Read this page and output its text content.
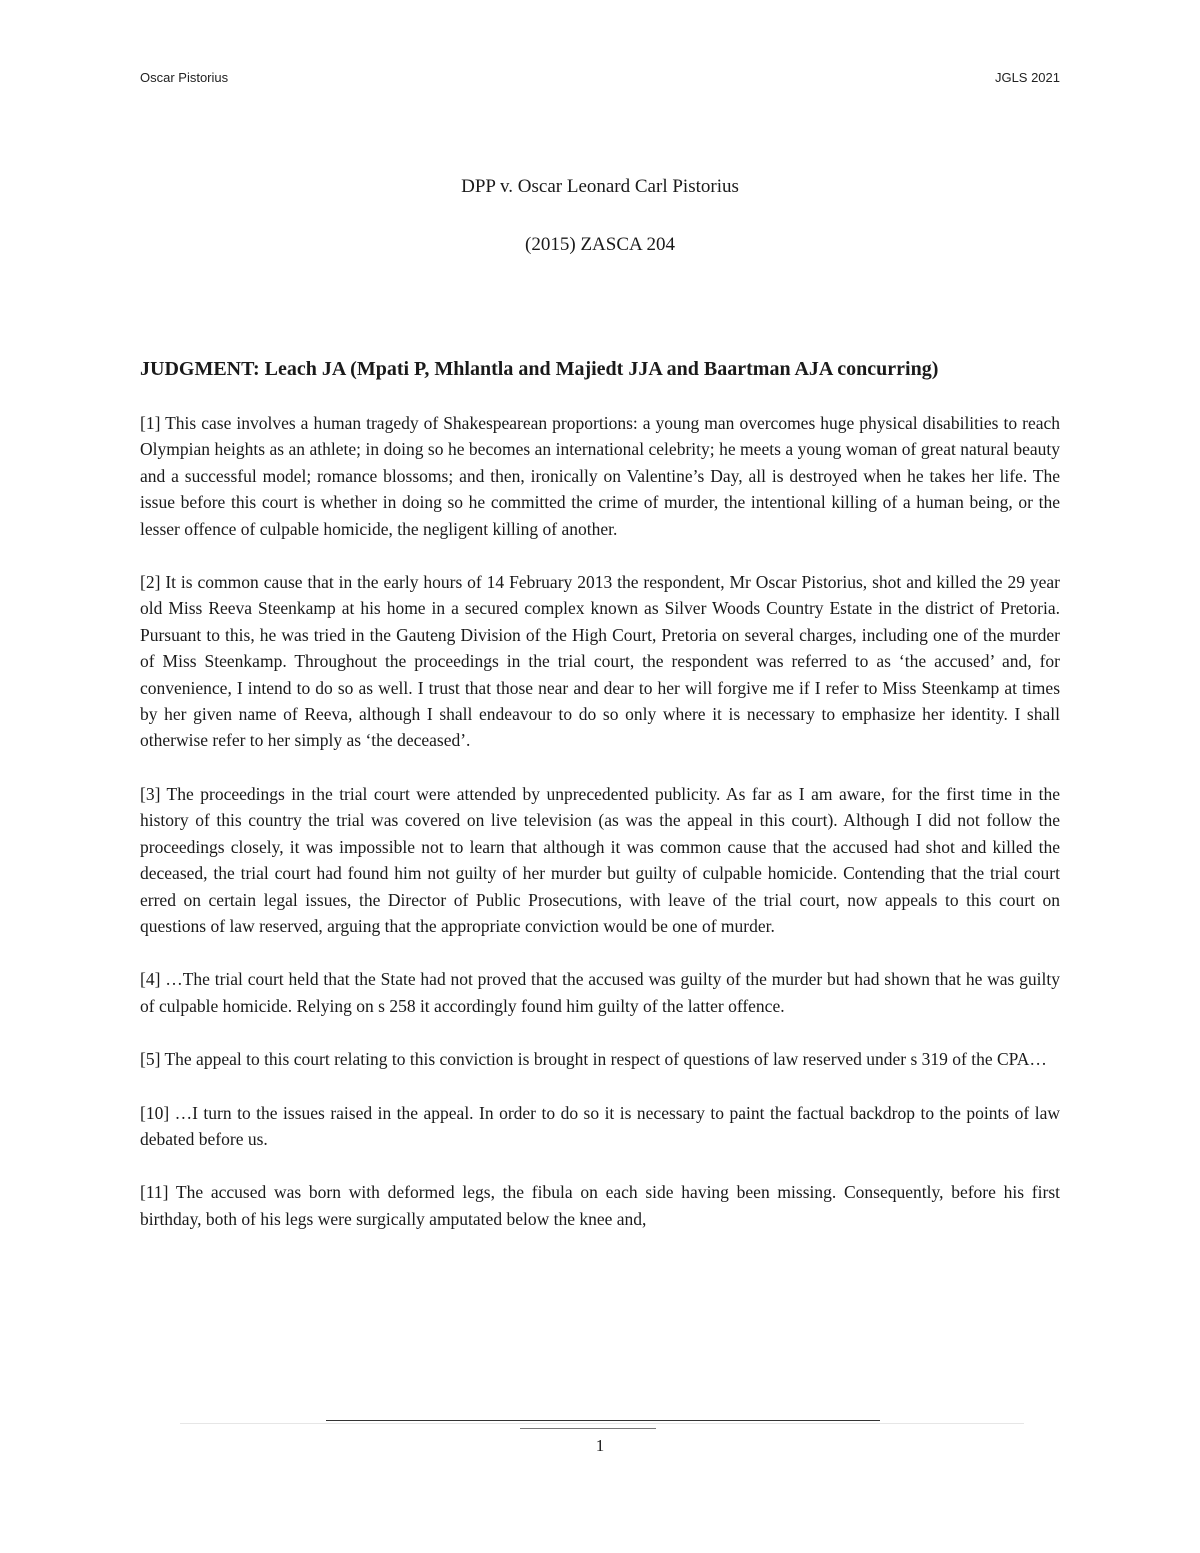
Oscar Pistorius	JGLS 2021

DPP v. Oscar Leonard Carl Pistorius

(2015) ZASCA 204

JUDGMENT: Leach JA (Mpati P, Mhlantla and Majiedt JJA and Baartman AJA concurring)

[1] This case involves a human tragedy of Shakespearean proportions: a young man overcomes huge physical disabilities to reach Olympian heights as an athlete; in doing so he becomes an international celebrity; he meets a young woman of great natural beauty and a successful model; romance blossoms; and then, ironically on Valentine’s Day, all is destroyed when he takes her life. The issue before this court is whether in doing so he committed the crime of murder, the intentional killing of a human being, or the lesser offence of culpable homicide, the negligent killing of another.

[2] It is common cause that in the early hours of 14 February 2013 the respondent, Mr Oscar Pistorius, shot and killed the 29 year old Miss Reeva Steenkamp at his home in a secured complex known as Silver Woods Country Estate in the district of Pretoria. Pursuant to this, he was tried in the Gauteng Division of the High Court, Pretoria on several charges, including one of the murder of Miss Steenkamp. Throughout the proceedings in the trial court, the respondent was referred to as ‘the accused’ and, for convenience, I intend to do so as well. I trust that those near and dear to her will forgive me if I refer to Miss Steenkamp at times by her given name of Reeva, although I shall endeavour to do so only where it is necessary to emphasize her identity. I shall otherwise refer to her simply as ‘the deceased’.

[3] The proceedings in the trial court were attended by unprecedented publicity. As far as I am aware, for the first time in the history of this country the trial was covered on live television (as was the appeal in this court). Although I did not follow the proceedings closely, it was impossible not to learn that although it was common cause that the accused had shot and killed the deceased, the trial court had found him not guilty of her murder but guilty of culpable homicide. Contending that the trial court erred on certain legal issues, the Director of Public Prosecutions, with leave of the trial court, now appeals to this court on questions of law reserved, arguing that the appropriate conviction would be one of murder.

[4] …The trial court held that the State had not proved that the accused was guilty of the murder but had shown that he was guilty of culpable homicide. Relying on s 258 it accordingly found him guilty of the latter offence.

[5] The appeal to this court relating to this conviction is brought in respect of questions of law reserved under s 319 of the CPA…

[10] …I turn to the issues raised in the appeal. In order to do so it is necessary to paint the factual backdrop to the points of law debated before us.

[11] The accused was born with deformed legs, the fibula on each side having been missing. Consequently, before his first birthday, both of his legs were surgically amputated below the knee and,

1
